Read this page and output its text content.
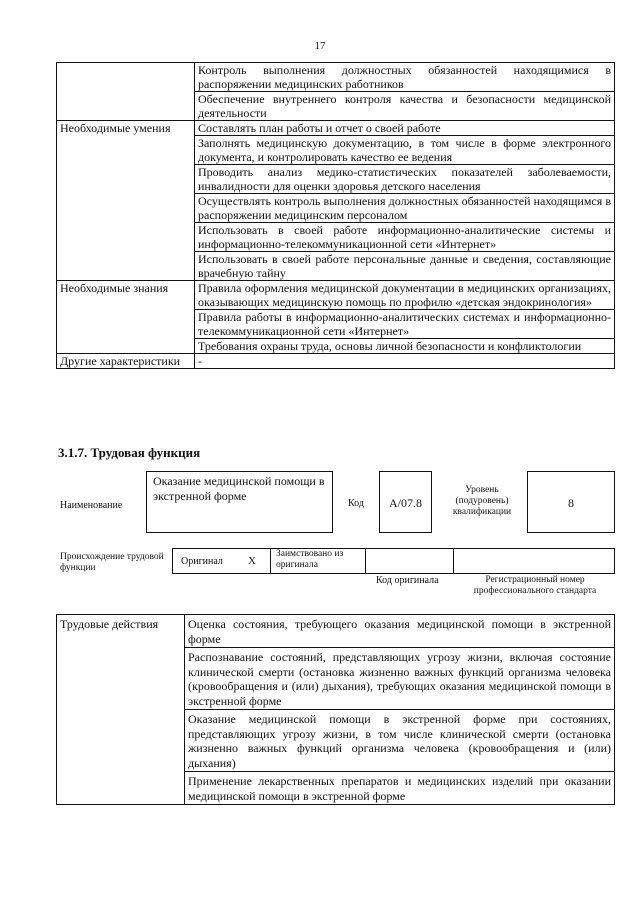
17
	Контроль выполнения должностных обязанностей находящимися в распоряжении медицинских работников
	Обеспечение внутреннего контроля качества и безопасности медицинской деятельности
Необходимые умения	Составлять план работы и отчет о своей работе
	Заполнять медицинскую документацию, в том числе в форме электронного документа, и контролировать качество ее ведения
	Проводить анализ медико-статистических показателей заболеваемости, инвалидности для оценки здоровья детского населения
	Осуществлять контроль выполнения должностных обязанностей находящимся в распоряжении медицинским персоналом
	Использовать в своей работе информационно-аналитические системы и информационно-телекоммуникационной сети «Интернет»
	Использовать в своей работе персональные данные и сведения, составляющие врачебную тайну
Необходимые знания	Правила оформления медицинской документации в медицинских организациях, оказывающих медицинскую помощь по профилю «детская эндокринология»
	Правила работы в информационно-аналитических системах и информационно-телекоммуникационной сети «Интернет»
	Требования охраны труда, основы личной безопасности и конфликтологии
Другие характеристики	-
3.1.7. Трудовая функция
Наименование
Оказание медицинской помощи в экстренной форме
Код	А/07.8
Уровень (подуровень) квалификации
8
Происхождение трудовой функции
Оригинал X
Заимствовано из оригинала
Код оригинала	Регистрационный номер профессионального стандарта
Трудовые действия	Оценка состояния, требующего оказания медицинской помощи в экстренной форме
Распознавание состояний, представляющих угрозу жизни, включая состояние клинической смерти (остановка жизненно важных функций организма человека (кровообращения и (или) дыхания), требующих оказания медицинской помощи в экстренной форме
Оказание медицинской помощи в экстренной форме при состояниях, представляющих угрозу жизни, в том числе клинической смерти (остановка жизненно важных функций организма человека (кровообращения и (или) дыхания)
Применение лекарственных препаратов и медицинских изделий при оказании медицинской помощи в экстренной форме
